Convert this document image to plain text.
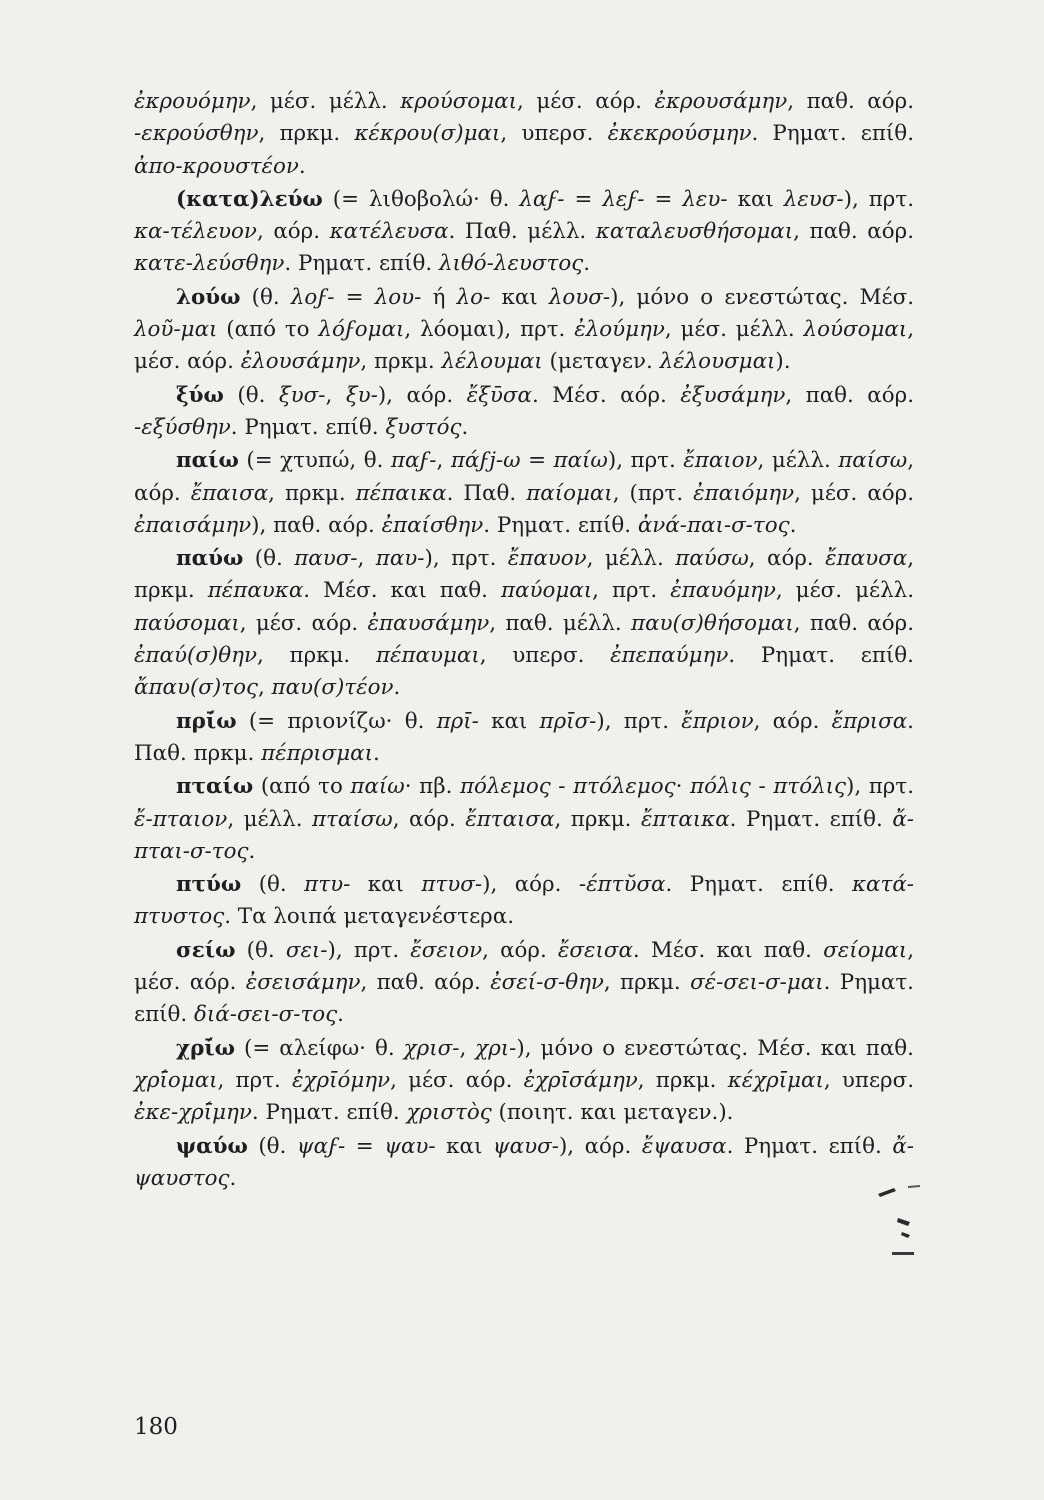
ἐκρουόμην, μέσ. μέλλ. κρούσομαι, μέσ. αόρ. ἐκρουσάμην, παθ. αόρ. -εκρούσθην, πρκμ. κέκρου(σ)μαι, υπερσ. ἐκεκρούσμην. Ρηματ. επίθ. ἀπο-κρουστέον.

(κατα)λεύω (= λιθοβολώ· θ. λαϝ- = λεϝ- = λευ- και λευσ-), πρτ. κα-τέλευον, αόρ. κατέλευσα. Παθ. μέλλ. καταλευσθήσομαι, παθ. αόρ. κατε-λεύσθην. Ρηματ. επίθ. λιθό-λευστος.

λούω (θ. λοϝ- = λου- ή λο- και λουσ-), μόνο ο ενεστώτας. Μέσ. λοῦ-μαι (από το λόϝομαι, λόομαι), πρτ. ἐλούμην, μέσ. μέλλ. λούσομαι, μέσ. αόρ. ἐλουσάμην, πρκμ. λέλουμαι (μεταγεν. λέλουσμαι).

ξύω (θ. ξυσ-, ξυ-), αόρ. ἔξῡσα. Μέσ. αόρ. ἐξυσάμην, παθ. αόρ. -εξύσθην. Ρηματ. επίθ. ξυστός.

παίω (= χτυπώ, θ. παϝ-, πάϝj-ω = παίω), πρτ. ἔπαιον, μέλλ. παίσω, αόρ. ἔπαισα, πρκμ. πέπαικα. Παθ. παίομαι, (πρτ. ἐπαιόμην, μέσ. αόρ. ἐπαισάμην), παθ. αόρ. ἐπαίσθην. Ρηματ. επίθ. ἀνά-παι-σ-τος.

παύω (θ. παυσ-, παυ-), πρτ. ἔπαυον, μέλλ. παύσω, αόρ. ἔπαυσα, πρκμ. πέπαυκα. Μέσ. και παθ. παύομαι, πρτ. ἐπαυόμην, μέσ. μέλλ. παύσομαι, μέσ. αόρ. ἐπαυσάμην, παθ. μέλλ. παυ(σ)θήσομαι, παθ. αόρ. ἐπαύ(σ)θην, πρκμ. πέπαυμαι, υπερσ. ἐπεπαύμην. Ρηματ. επίθ. ἄπαυ(σ)τος, παυ(σ)τέον.

πρῑ́ω (= πριονίζω· θ. πρῑ- και πρῑσ-), πρτ. ἔπριον, αόρ. ἔπρισα. Παθ. πρκμ. πέπρισμαι.

πταίω (από το παίω· πβ. πόλεμος - πτόλεμος· πόλις - πτόλις), πρτ. ἔ-πταιον, μέλλ. πταίσω, αόρ. ἔπταισα, πρκμ. ἔπταικα. Ρηματ. επίθ. ἄ-πται-σ-τος.

πτύω (θ. πτυ- και πτυσ-), αόρ. -έπτῠσα. Ρηματ. επίθ. κατά-πτυστος. Τα λοιπά μεταγενέστερα.

σείω (θ. σει-), πρτ. ἔσειον, αόρ. ἔσεισα. Μέσ. και παθ. σείομαι, μέσ. αόρ. ἐσεισάμην, παθ. αόρ. ἐσεί-σ-θην, πρκμ. σέ-σει-σ-μαι. Ρηματ. επίθ. διά-σει-σ-τος.

χρῑ́ω (= αλείφω· θ. χρισ-, χρι-), μόνο ο ενεστώτας. Μέσ. και παθ. χρῑ́ομαι, πρτ. ἐχρῑόμην, μέσ. αόρ. ἐχρῑσάμην, πρκμ. κέχρῑμαι, υπερσ. ἐκε-χρῑ́μην. Ρηματ. επίθ. χριστὸς (ποιητ. και μεταγεν.).

ψαύω (θ. ψαϝ- = ψαυ- και ψαυσ-), αόρ. ἔψαυσα. Ρηματ. επίθ. ἄ-ψαυστος.

180
